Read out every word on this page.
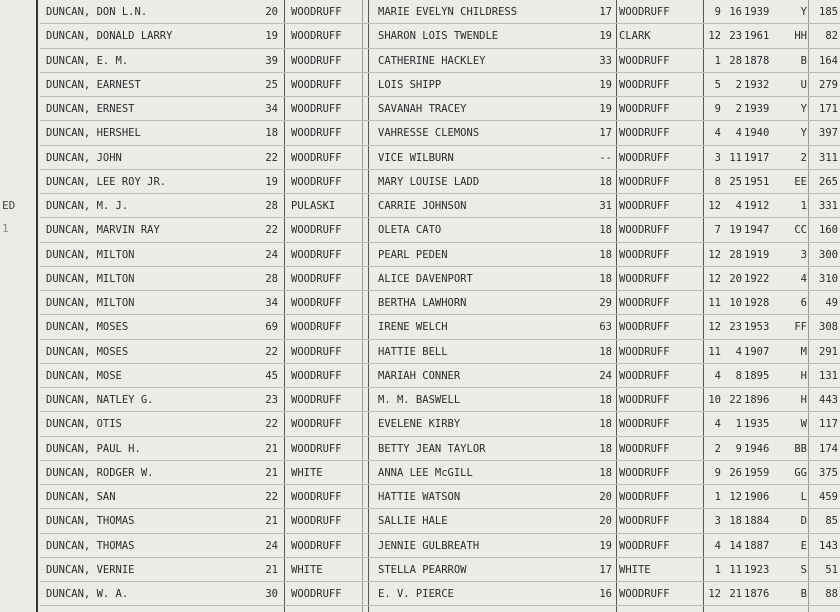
ED
1
DUNCAN, DON L.N.	20 WOODRUFF	MARIE EVELYN CHILDRESS	17 WOODRUFF	9 16 1939	Y	185
DUNCAN, DONALD LARRY	19 WOODRUFF	SHARON LOIS TWENDLE	19 CLARK	12 23 1961	HH	82
DUNCAN, E. M.	39 WOODRUFF	CATHERINE HACKLEY	33 WOODRUFF	1 28 1878	B	164
DUNCAN, EARNEST	25 WOODRUFF	LOIS SHIPP	19 WOODRUFF	5	2 1932	U	279
DUNCAN, ERNEST	34 WOODRUFF	SAVANAH TRACEY	19 WOODRUFF	9	2 1939	Y	171
DUNCAN, HERSHEL	18 WOODRUFF	VAHRESSE CLEMONS	17 WOODRUFF	4	4 1940	Y	397
DUNCAN, JOHN	22 WOODRUFF	VICE WILBURN	-- WOODRUFF	3 11 1917	2	311
DUNCAN, LEE ROY JR.	19 WOODRUFF	MARY LOUISE LADD	18 WOODRUFF	8 25 1951	EE	265
DUNCAN, M. J.	28 PULASKI	CARRIE JOHNSON	31 WOODRUFF	12	4 1912	1	331
DUNCAN, MARVIN RAY	22 WOODRUFF	OLETA CATO	18 WOODRUFF	7 19 1947	CC	160
DUNCAN, MILTON	24 WOODRUFF	PEARL PEDEN	18 WOODRUFF	12 28 1919	3	300
DUNCAN, MILTON	28 WOODRUFF	ALICE DAVENPORT	18 WOODRUFF	12 20 1922	4	310
DUNCAN, MILTON	34 WOODRUFF	BERTHA LAWHORN	29 WOODRUFF	11 10 1928	6	49
DUNCAN, MOSES	69 WOODRUFF	IRENE WELCH	63 WOODRUFF	12 23 1953	FF	308
DUNCAN, MOSES	22 WOODRUFF	HATTIE BELL	18 WOODRUFF	11	4 1907	M	291
DUNCAN, MOSE	45 WOODRUFF	MARIAH CONNER	24 WOODRUFF	4	8 1895	H	131
DUNCAN, NATLEY G.	23 WOODRUFF	M. M. BASWELL	18 WOODRUFF	10 22 1896	H	443
DUNCAN, OTIS	22 WOODRUFF	EVELENE KIRBY	18 WOODRUFF	4	1 1935	W	117
DUNCAN, PAUL H.	21 WOODRUFF	BETTY JEAN TAYLOR	18 WOODRUFF	2	9 1946	BB	174
DUNCAN, RODGER W.	21 WHITE	ANNA LEE McGILL	18 WOODRUFF	9 26 1959	GG	375
DUNCAN, SAN	22 WOODRUFF	HATTIE WATSON	20 WOODRUFF	1 12 1906	L	459
DUNCAN, THOMAS	21 WOODRUFF	SALLIE HALE	20 WOODRUFF	3 18 1884	D	85
DUNCAN, THOMAS	24 WOODRUFF	JENNIE GULBREATH	19 WOODRUFF	4 14 1887	E	143
DUNCAN, VERNIE	21 WHITE	STELLA PEARROW	17 WHITE	1 11 1923	S	51
DUNCAN, W. A.	30 WOODRUFF	E. V. PIERCE	16 WOODRUFF	12 21 1876	B	88
